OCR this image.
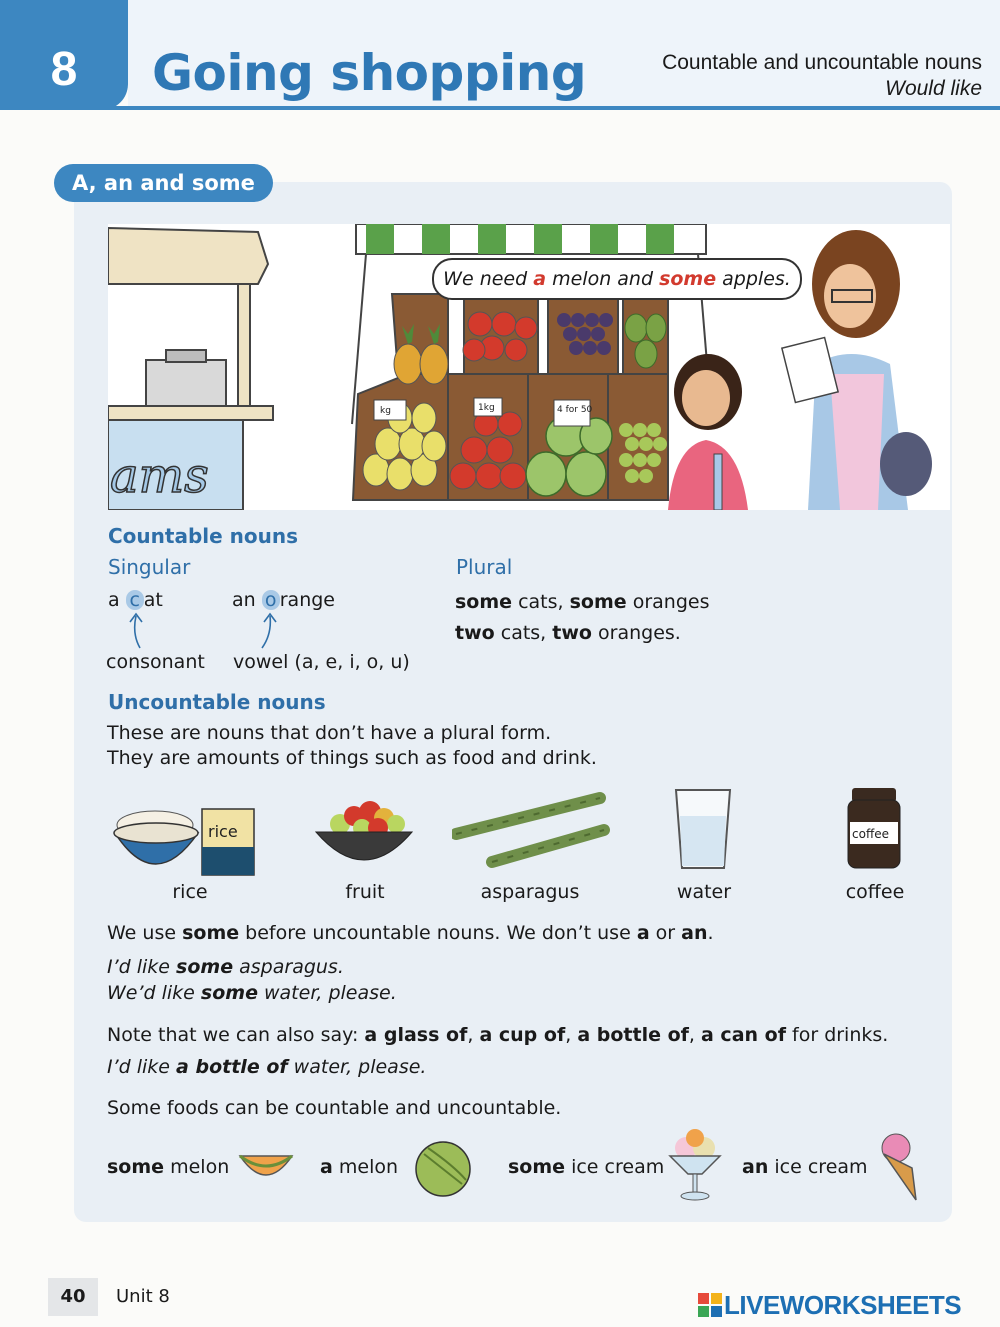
8	Going shopping	Countable and uncountable nouns
Would like
A, an and some
ams
4 for 50
1kg
kg
We need a melon and some apples.
Countable nouns
Singular	Plural
a c at	an o range
consonant vowel (a, e, i, o, u)
some cats, some oranges
two cats, two oranges.
Uncountable nouns
These are nouns that don’t have a plural form.
They are amounts of things such as food and drink.
rice
rice	fruit	asparagus	water
coffee
coffee
We use some before uncountable nouns. We don’t use a or an.
I’d like some asparagus.
We’d like some water, please.
Note that we can also say: a glass of, a cup of, a bottle of, a can of for drinks.
I’d like a bottle of water, please.
Some foods can be countable and uncountable.
some melon	a melon	some ice cream	an ice cream
40	Unit 8	LIVEWORKSHEETS
